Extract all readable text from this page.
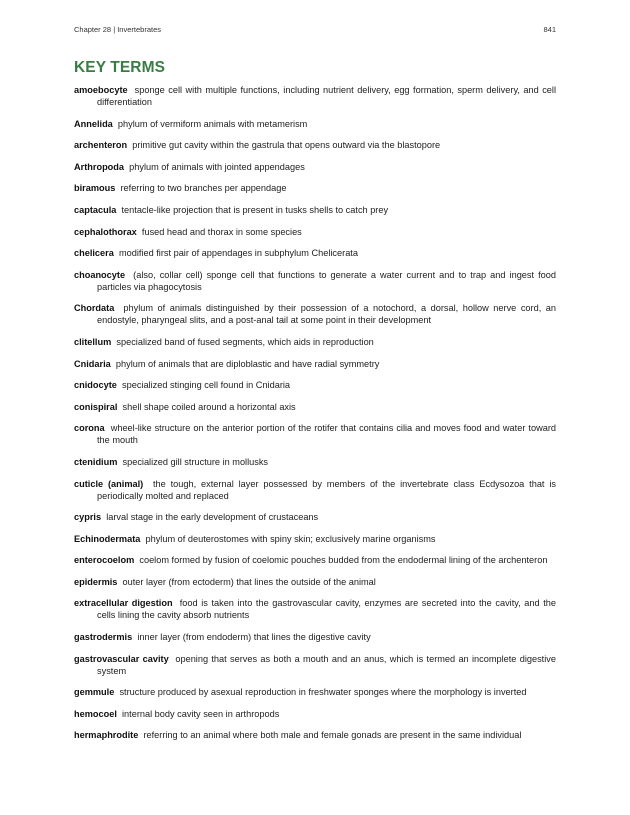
Chapter 28 | Invertebrates	841
KEY TERMS
amoebocyte sponge cell with multiple functions, including nutrient delivery, egg formation, sperm delivery, and cell differentiation
Annelida phylum of vermiform animals with metamerism
archenteron primitive gut cavity within the gastrula that opens outward via the blastopore
Arthropoda phylum of animals with jointed appendages
biramous referring to two branches per appendage
captacula tentacle-like projection that is present in tusks shells to catch prey
cephalothorax fused head and thorax in some species
chelicera modified first pair of appendages in subphylum Chelicerata
choanocyte (also, collar cell) sponge cell that functions to generate a water current and to trap and ingest food particles via phagocytosis
Chordata phylum of animals distinguished by their possession of a notochord, a dorsal, hollow nerve cord, an endostyle, pharyngeal slits, and a post-anal tail at some point in their development
clitellum specialized band of fused segments, which aids in reproduction
Cnidaria phylum of animals that are diploblastic and have radial symmetry
cnidocyte specialized stinging cell found in Cnidaria
conispiral shell shape coiled around a horizontal axis
corona wheel-like structure on the anterior portion of the rotifer that contains cilia and moves food and water toward the mouth
ctenidium specialized gill structure in mollusks
cuticle (animal) the tough, external layer possessed by members of the invertebrate class Ecdysozoa that is periodically molted and replaced
cypris larval stage in the early development of crustaceans
Echinodermata phylum of deuterostomes with spiny skin; exclusively marine organisms
enterocoelom coelom formed by fusion of coelomic pouches budded from the endodermal lining of the archenteron
epidermis outer layer (from ectoderm) that lines the outside of the animal
extracellular digestion food is taken into the gastrovascular cavity, enzymes are secreted into the cavity, and the cells lining the cavity absorb nutrients
gastrodermis inner layer (from endoderm) that lines the digestive cavity
gastrovascular cavity opening that serves as both a mouth and an anus, which is termed an incomplete digestive system
gemmule structure produced by asexual reproduction in freshwater sponges where the morphology is inverted
hemocoel internal body cavity seen in arthropods
hermaphrodite referring to an animal where both male and female gonads are present in the same individual
